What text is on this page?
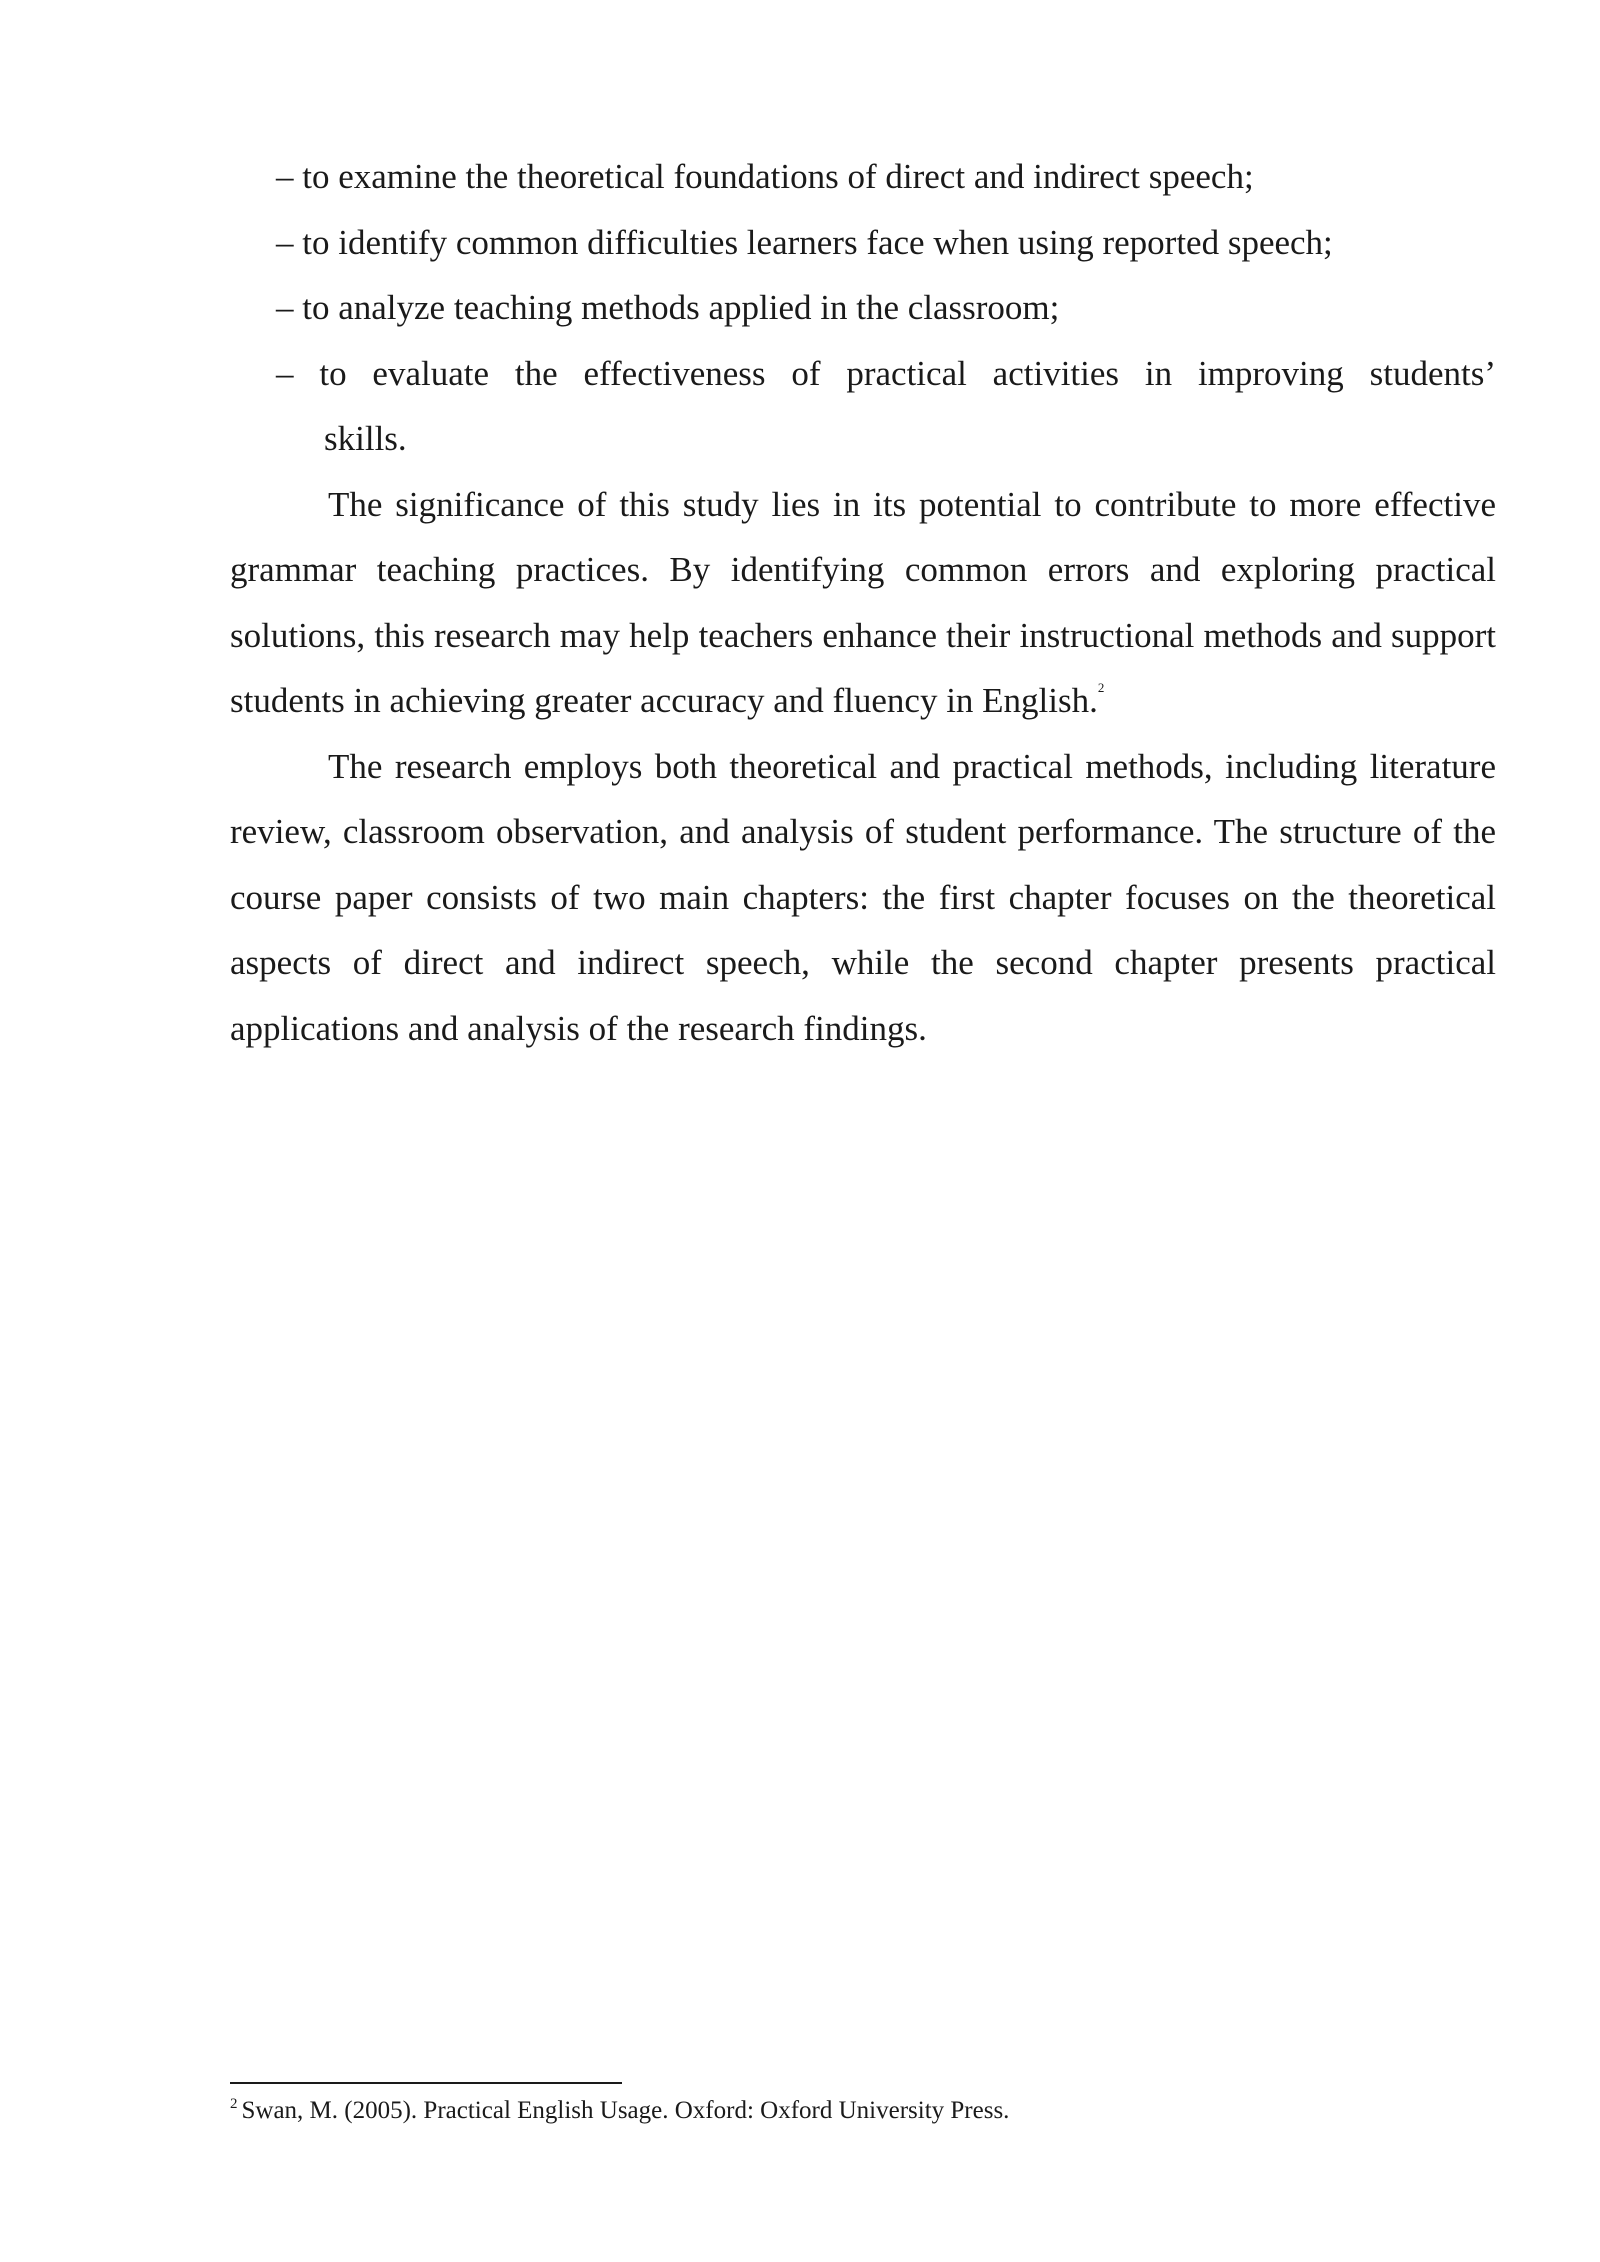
– to examine the theoretical foundations of direct and indirect speech;
– to identify common difficulties learners face when using reported speech;
– to analyze teaching methods applied in the classroom;
– to evaluate the effectiveness of practical activities in improving students’
skills.

The significance of this study lies in its potential to contribute to more effective grammar teaching practices. By identifying common errors and exploring practical solutions, this research may help teachers enhance their instructional methods and support students in achieving greater accuracy and fluency in English.$^2$

The research employs both theoretical and practical methods, including literature review, classroom observation, and analysis of student performance. The structure of the course paper consists of two main chapters: the first chapter focuses on the theoretical aspects of direct and indirect speech, while the second chapter presents practical applications and analysis of the research findings.

$^2$ Swan, M. (2005). Practical English Usage. Oxford: Oxford University Press.
